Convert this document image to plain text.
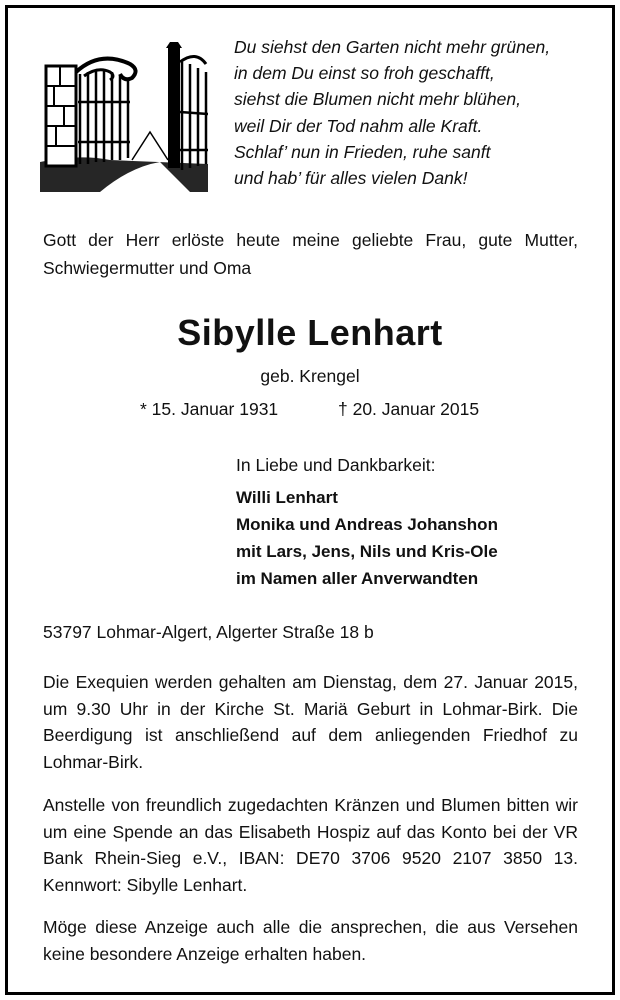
Du siehst den Garten nicht mehr grünen,
in dem Du einst so froh geschafft,
siehst die Blumen nicht mehr blühen,
weil Dir der Tod nahm alle Kraft.
Schlaf’ nun in Frieden, ruhe sanft
und hab’ für alles vielen Dank!
Gott der Herr erlöste heute meine geliebte Frau, gute Mutter, Schwiegermutter und Oma
Sibylle Lenhart
geb. Krengel
* 15. Januar 1931	† 20. Januar 2015
In Liebe und Dankbarkeit:
Willi Lenhart
Monika und Andreas Johanshon
mit Lars, Jens, Nils und Kris-Ole
im Namen aller Anverwandten
53797 Lohmar-Algert, Algerter Straße 18 b
Die Exequien werden gehalten am Dienstag, dem 27. Januar 2015, um 9.30 Uhr in der Kirche St. Mariä Geburt in Lohmar-Birk. Die Beerdigung ist anschließend auf dem anliegenden Friedhof zu Lohmar-Birk.
Anstelle von freundlich zugedachten Kränzen und Blumen bitten wir um eine Spende an das Elisabeth Hospiz auf das Konto bei der VR Bank Rhein-Sieg e.V., IBAN: DE70 3706 9520 2107 3850 13. Kennwort: Sibylle Lenhart.
Möge diese Anzeige auch alle die ansprechen, die aus Versehen keine besondere Anzeige erhalten haben.
